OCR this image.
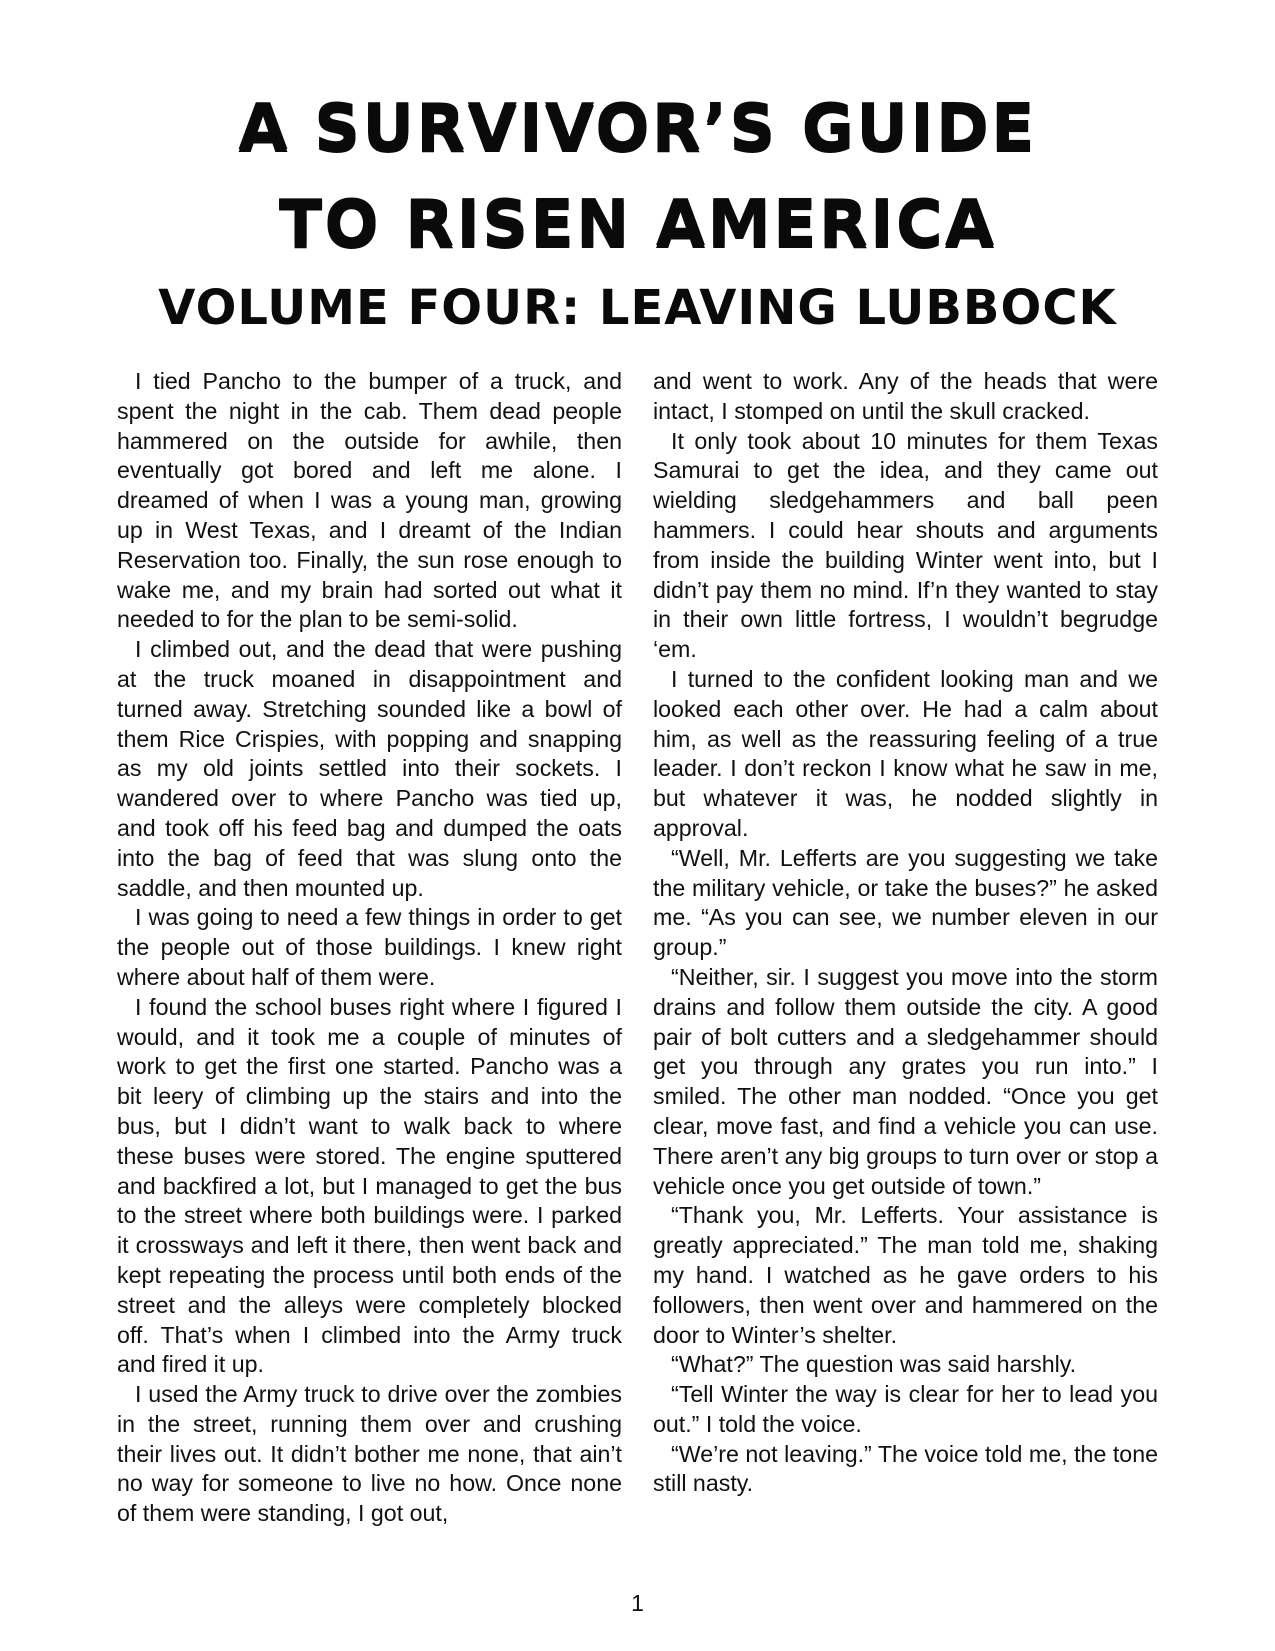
A SURVIVOR’S GUIDE
TO RISEN AMERICA
VOLUME FOUR: LEAVING LUBBOCK

I tied Pancho to the bumper of a truck, and spent the night in the cab. Them dead people hammered on the outside for awhile, then eventually got bored and left me alone. I dreamed of when I was a young man, growing up in West Texas, and I dreamt of the Indian Reservation too. Finally, the sun rose enough to wake me, and my brain had sorted out what it needed to for the plan to be semi-solid.

I climbed out, and the dead that were pushing at the truck moaned in disappointment and turned away. Stretching sounded like a bowl of them Rice Crispies, with popping and snapping as my old joints settled into their sockets. I wandered over to where Pancho was tied up, and took off his feed bag and dumped the oats into the bag of feed that was slung onto the saddle, and then mounted up.

I was going to need a few things in order to get the people out of those buildings. I knew right where about half of them were.

I found the school buses right where I figured I would, and it took me a couple of minutes of work to get the first one started. Pancho was a bit leery of climbing up the stairs and into the bus, but I didn’t want to walk back to where these buses were stored. The engine sputtered and backfired a lot, but I managed to get the bus to the street where both buildings were. I parked it crossways and left it there, then went back and kept repeating the process until both ends of the street and the alleys were completely blocked off. That’s when I climbed into the Army truck and fired it up.

I used the Army truck to drive over the zombies in the street, running them over and crushing their lives out. It didn’t bother me none, that ain’t no way for someone to live no how. Once none of them were standing, I got out,

and went to work. Any of the heads that were intact, I stomped on until the skull cracked.

It only took about 10 minutes for them Texas Samurai to get the idea, and they came out wielding sledgehammers and ball peen hammers. I could hear shouts and arguments from inside the building Winter went into, but I didn’t pay them no mind. If’n they wanted to stay in their own little fortress, I wouldn’t begrudge ‘em.

I turned to the confident looking man and we looked each other over. He had a calm about him, as well as the reassuring feeling of a true leader. I don’t reckon I know what he saw in me, but whatever it was, he nodded slightly in approval.

“Well, Mr. Lefferts are you suggesting we take the military vehicle, or take the buses?” he asked me. “As you can see, we number eleven in our group.”

“Neither, sir. I suggest you move into the storm drains and follow them outside the city. A good pair of bolt cutters and a sledgehammer should get you through any grates you run into.” I smiled. The other man nodded. “Once you get clear, move fast, and find a vehicle you can use. There aren’t any big groups to turn over or stop a vehicle once you get outside of town.”

“Thank you, Mr. Lefferts. Your assistance is greatly appreciated.” The man told me, shaking my hand. I watched as he gave orders to his followers, then went over and hammered on the door to Winter’s shelter.

“What?” The question was said harshly.

“Tell Winter the way is clear for her to lead you out.” I told the voice.

“We’re not leaving.” The voice told me, the tone still nasty.

1
